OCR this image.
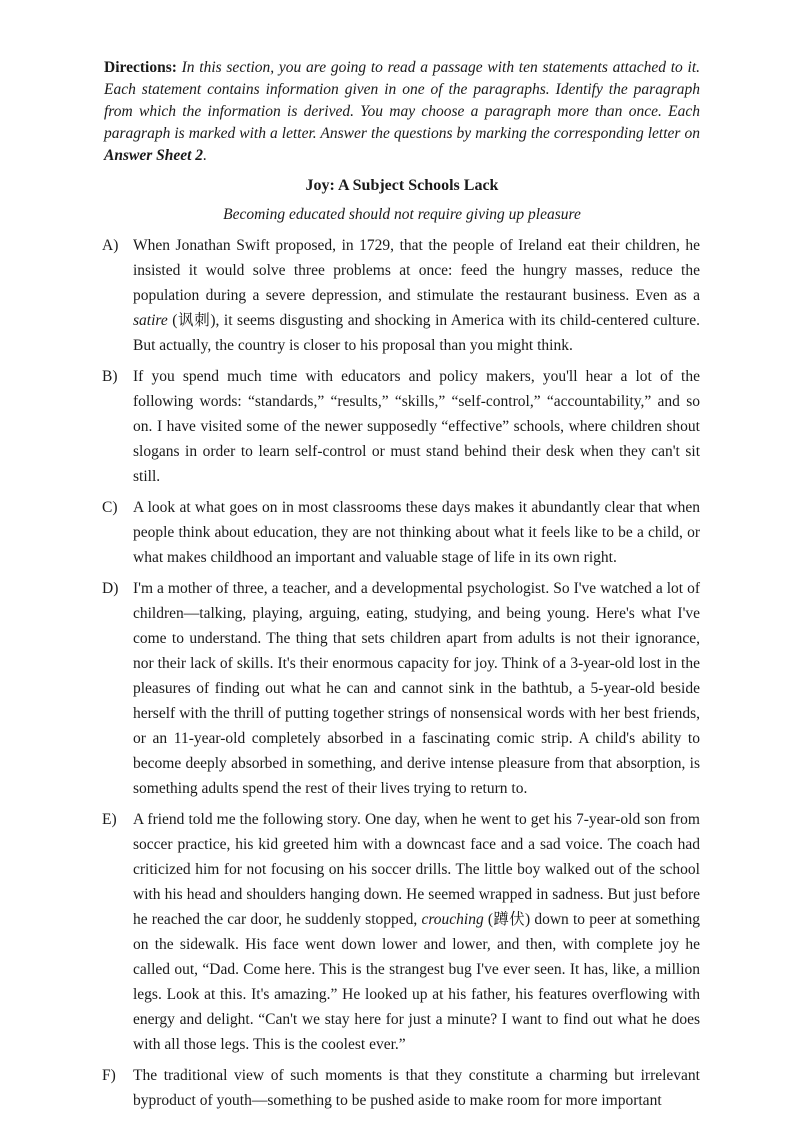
Directions: In this section, you are going to read a passage with ten statements attached to it. Each statement contains information given in one of the paragraphs. Identify the paragraph from which the information is derived. You may choose a paragraph more than once. Each paragraph is marked with a letter. Answer the questions by marking the corresponding letter on Answer Sheet 2.

Joy: A Subject Schools Lack
Becoming educated should not require giving up pleasure

A) When Jonathan Swift proposed, in 1729, that the people of Ireland eat their children, he insisted it would solve three problems at once: feed the hungry masses, reduce the population during a severe depression, and stimulate the restaurant business. Even as a satire (讽刺), it seems disgusting and shocking in America with its child-centered culture. But actually, the country is closer to his proposal than you might think.

B) If you spend much time with educators and policy makers, you'll hear a lot of the following words: “standards,” “results,” “skills,” “self-control,” “accountability,” and so on. I have visited some of the newer supposedly “effective” schools, where children shout slogans in order to learn self-control or must stand behind their desk when they can't sit still.

C) A look at what goes on in most classrooms these days makes it abundantly clear that when people think about education, they are not thinking about what it feels like to be a child, or what makes childhood an important and valuable stage of life in its own right.

D) I'm a mother of three, a teacher, and a developmental psychologist. So I've watched a lot of children—talking, playing, arguing, eating, studying, and being young. Here's what I've come to understand. The thing that sets children apart from adults is not their ignorance, nor their lack of skills. It's their enormous capacity for joy. Think of a 3-year-old lost in the pleasures of finding out what he can and cannot sink in the bathtub, a 5-year-old beside herself with the thrill of putting together strings of nonsensical words with her best friends, or an 11-year-old completely absorbed in a fascinating comic strip. A child's ability to become deeply absorbed in something, and derive intense pleasure from that absorption, is something adults spend the rest of their lives trying to return to.

E) A friend told me the following story. One day, when he went to get his 7-year-old son from soccer practice, his kid greeted him with a downcast face and a sad voice. The coach had criticized him for not focusing on his soccer drills. The little boy walked out of the school with his head and shoulders hanging down. He seemed wrapped in sadness. But just before he reached the car door, he suddenly stopped, crouching (蹲伏) down to peer at something on the sidewalk. His face went down lower and lower, and then, with complete joy he called out, “Dad. Come here. This is the strangest bug I've ever seen. It has, like, a million legs. Look at this. It's amazing.” He looked up at his father, his features overflowing with energy and delight. “Can't we stay here for just a minute? I want to find out what he does with all those legs. This is the coolest ever.”

F) The traditional view of such moments is that they constitute a charming but irrelevant byproduct of youth—something to be pushed aside to make room for more important
